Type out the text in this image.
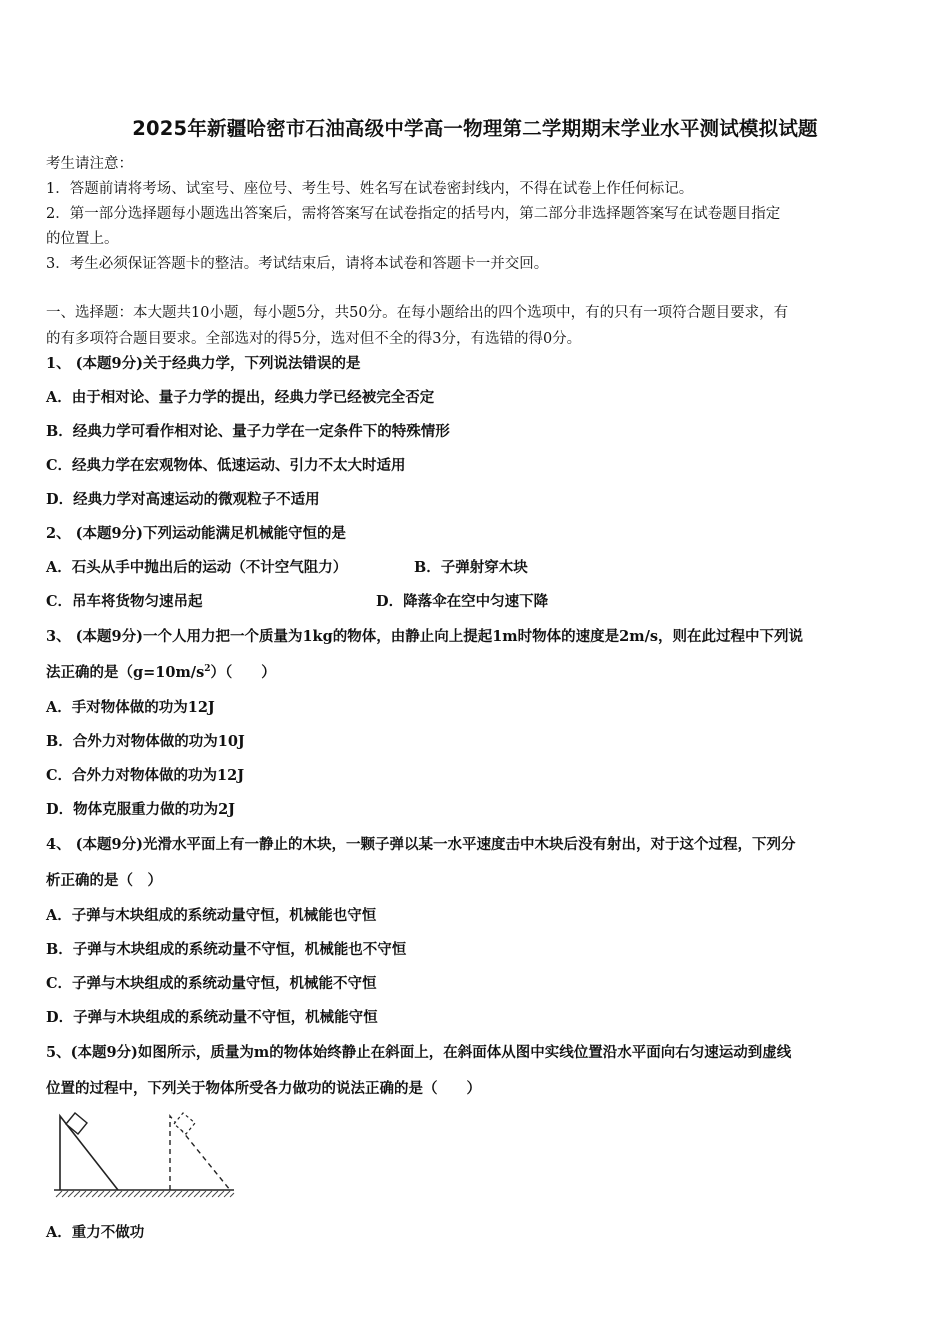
2025年新疆哈密市石油高级中学高一物理第二学期期末学业水平测试模拟试题
考生请注意：
1．答题前请将考场、试室号、座位号、考生号、姓名写在试卷密封线内，不得在试卷上作任何标记。
2．第一部分选择题每小题选出答案后，需将答案写在试卷指定的括号内，第二部分非选择题答案写在试卷题目指定
的位置上。
3．考生必须保证答题卡的整洁。考试结束后，请将本试卷和答题卡一并交回。
一、选择题：本大题共10小题，每小题5分，共50分。在每小题给出的四个选项中，有的只有一项符合题目要求，有
的有多项符合题目要求。全部选对的得5分，选对但不全的得3分，有选错的得0分。
1、 (本题9分)关于经典力学，下列说法错误的是
A．由于相对论、量子力学的提出，经典力学已经被完全否定
B．经典力学可看作相对论、量子力学在一定条件下的特殊情形
C．经典力学在宏观物体、低速运动、引力不太大时适用
D．经典力学对高速运动的微观粒子不适用
2、 (本题9分)下列运动能满足机械能守恒的是
A．石头从手中抛出后的运动（不计空气阻力）	B．子弹射穿木块
C．吊车将货物匀速吊起	D．降落伞在空中匀速下降
3、 (本题9分)一个人用力把一个质量为1kg的物体，由静止向上提起1m时物体的速度是2m/s，则在此过程中下列说
法正确的是$(g=10m/s^2)$（　　）
A．手对物体做的功为12J
B．合外力对物体做的功为10J
C．合外力对物体做的功为12J
D．物体克服重力做的功为2J
4、 (本题9分)光滑水平面上有一静止的木块，一颗子弹以某一水平速度击中木块后没有射出，对于这个过程，下列分
析正确的是（　）
A．子弹与木块组成的系统动量守恒，机械能也守恒
B．子弹与木块组成的系统动量不守恒，机械能也不守恒
C．子弹与木块组成的系统动量守恒，机械能不守恒
D．子弹与木块组成的系统动量不守恒，机械能守恒
5、(本题9分)如图所示，质量为m的物体始终静止在斜面上，在斜面体从图中实线位置沿水平面向右匀速运动到虚线
位置的过程中，下列关于物体所受各力做功的说法正确的是（　　）
A．重力不做功
